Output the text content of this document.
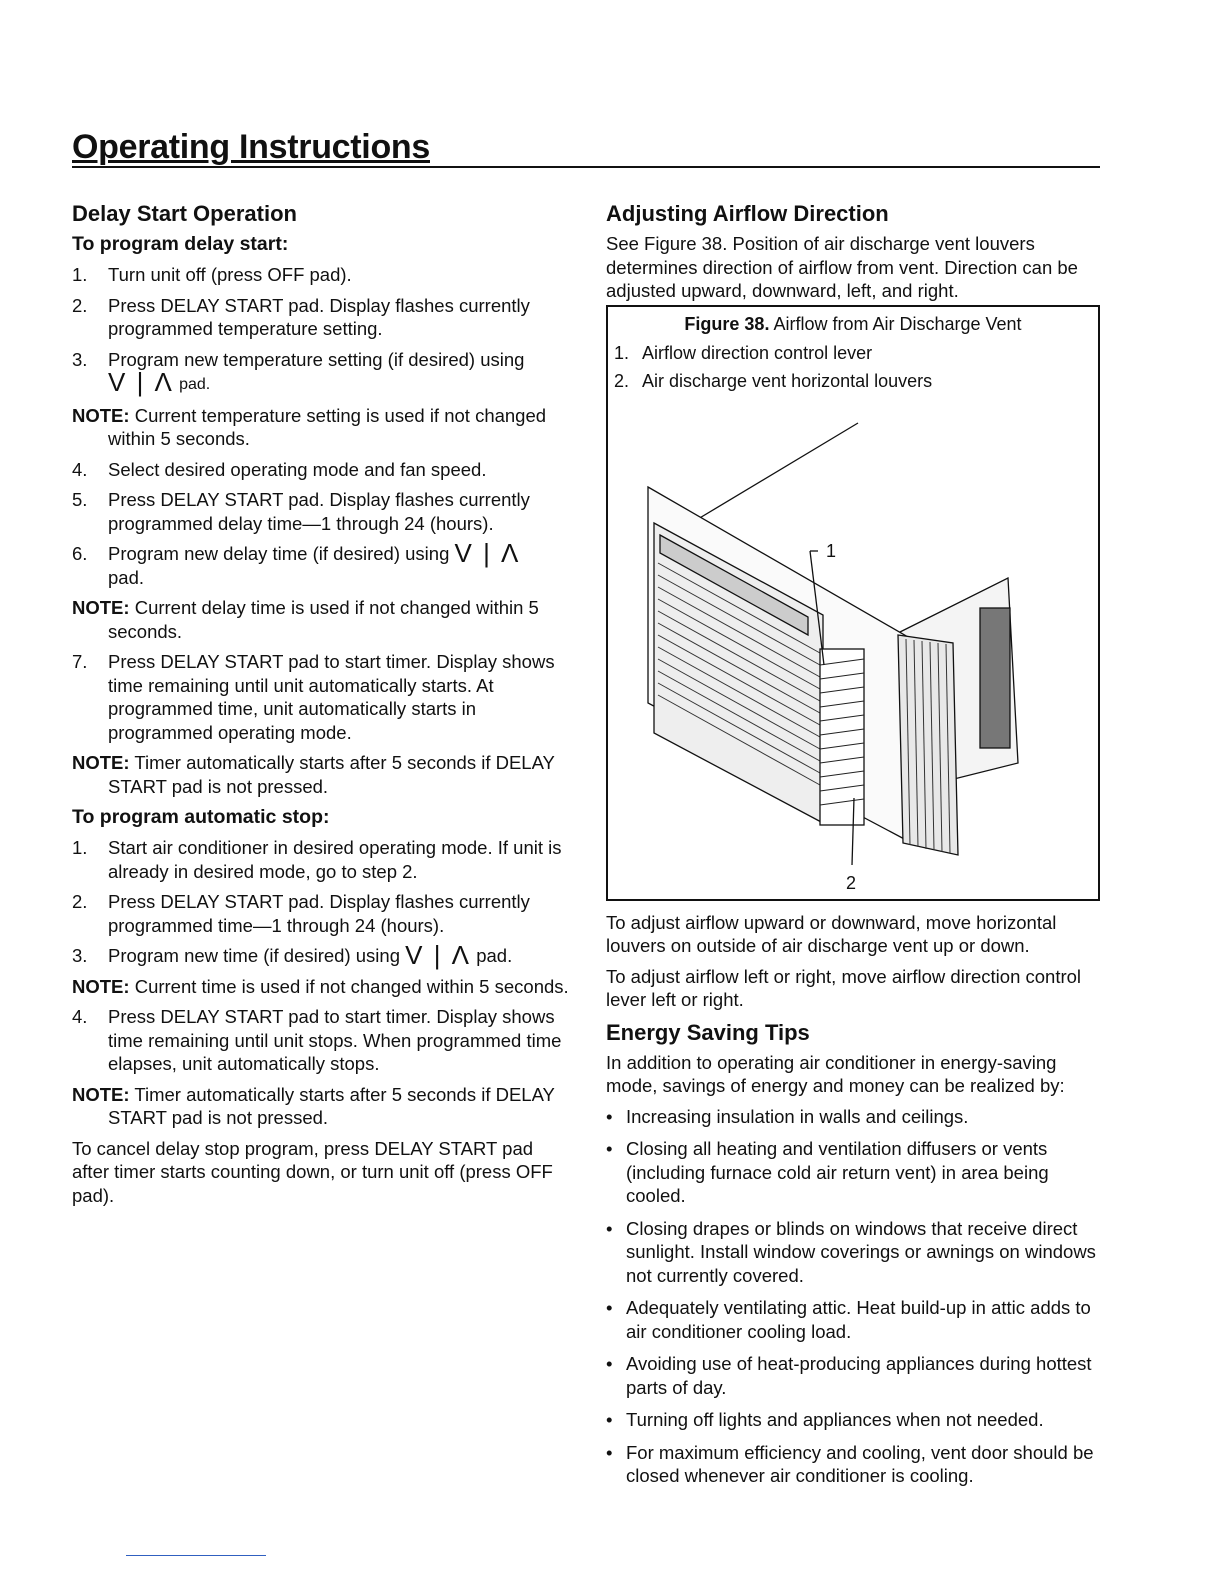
Operating Instructions
Delay Start Operation
To program delay start:
1. Turn unit off (press OFF pad).
2. Press DELAY START pad. Display flashes currently programmed temperature setting.
3. Program new temperature setting (if desired) using
V | Λ pad.
NOTE: Current temperature setting is used if not changed within 5 seconds.
4. Select desired operating mode and fan speed.
5. Press DELAY START pad. Display flashes currently programmed delay time—1 through 24 (hours).
6. Program new delay time (if desired) using V | Λ
pad.
NOTE: Current delay time is used if not changed within 5 seconds.
7. Press DELAY START pad to start timer. Display shows time remaining until unit automatically starts. At programmed time, unit automatically starts in programmed operating mode.
NOTE: Timer automatically starts after 5 seconds if DELAY START pad is not pressed.
To program automatic stop:
1. Start air conditioner in desired operating mode. If unit is already in desired mode, go to step 2.
2. Press DELAY START pad. Display flashes currently programmed time—1 through 24 (hours).
3. Program new time (if desired) using V | Λ pad.
NOTE: Current time is used if not changed within 5 seconds.
4. Press DELAY START pad to start timer. Display shows time remaining until unit stops. When programmed time elapses, unit automatically stops.
NOTE: Timer automatically starts after 5 seconds if DELAY START pad is not pressed.

To cancel delay stop program, press DELAY START pad after timer starts counting down, or turn unit off (press OFF pad).

Adjusting Airflow Direction

See Figure 38. Position of air discharge vent louvers determines direction of airflow from vent. Direction can be adjusted upward, downward, left, and right.

Figure 38. Airflow from Air Discharge Vent
1. Airflow direction control lever
2. Air discharge vent horizontal louvers
1
2

To adjust airflow upward or downward, move horizontal louvers on outside of air discharge vent up or down.

To adjust airflow left or right, move airflow direction control lever left or right.

Energy Saving Tips

In addition to operating air conditioner in energy-saving mode, savings of energy and money can be realized by:

• Increasing insulation in walls and ceilings.
• Closing all heating and ventilation diffusers or vents (including furnace cold air return vent) in area being cooled.
• Closing drapes or blinds on windows that receive direct sunlight. Install window coverings or awnings on windows not currently covered.
• Adequately ventilating attic. Heat build-up in attic adds to air conditioner cooling load.
• Avoiding use of heat-producing appliances during hottest parts of day.
• Turning off lights and appliances when not needed.
• For maximum efficiency and cooling, vent door should be closed whenever air conditioner is cooling.
